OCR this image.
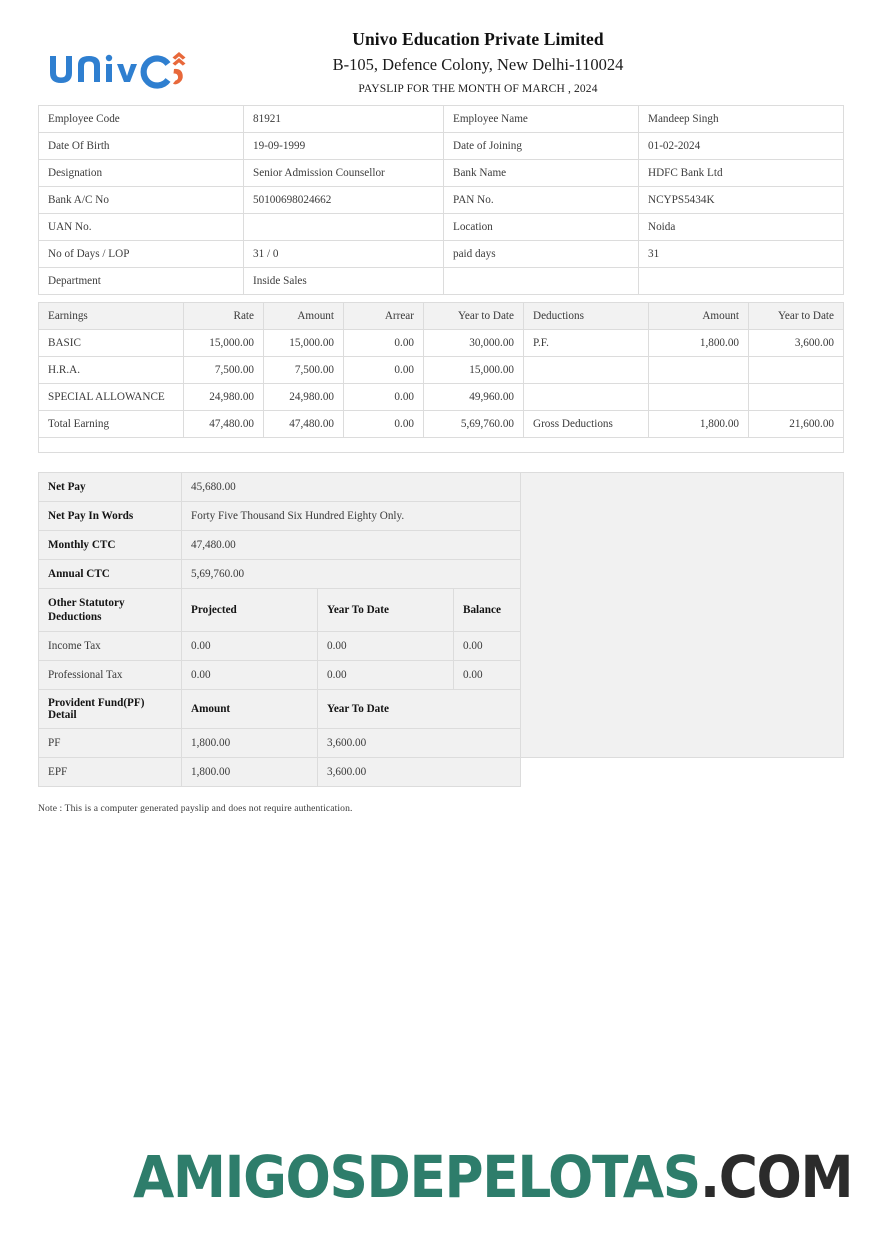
Univo Education Private Limited
B-105, Defence Colony, New Delhi-110024
PAYSLIP FOR THE MONTH OF MARCH , 2024
Employee Code	81921	Employee Name	Mandeep Singh
Date Of Birth	19-09-1999	Date of Joining	01-02-2024
Designation	Senior Admission Counsellor	Bank Name	HDFC Bank Ltd
Bank A/C No	50100698024662	PAN No.	NCYPS5434K
UAN No.		Location	Noida
No of Days / LOP	31 / 0	paid days	31
Department	Inside Sales		
Earnings	Rate	Amount	Arrear	Year to Date	Deductions	Amount	Year to Date
BASIC	15,000.00	15,000.00	0.00	30,000.00	P.F.	1,800.00	3,600.00
H.R.A.	7,500.00	7,500.00	0.00	15,000.00			
SPECIAL ALLOWANCE	24,980.00	24,980.00	0.00	49,960.00			
Total Earning	47,480.00	47,480.00	0.00	5,69,760.00	Gross Deductions	1,800.00	21,600.00

Net Pay	45,680.00			
Net Pay In Words	Forty Five Thousand Six Hundred Eighty Only.			
Monthly CTC	47,480.00			
Annual CTC	5,69,760.00			
Other Statutory Deductions	Projected	Year To Date	Balance	
Income Tax	0.00	0.00	0.00	
Professional Tax	0.00	0.00	0.00	
Provident Fund(PF) Detail	Amount	Year To Date		
PF	1,800.00	3,600.00		
EPF	1,800.00	3,600.00		
Note : This is a computer generated payslip and does not require authentication.
AMIGOSDEPELOTAS.COM
